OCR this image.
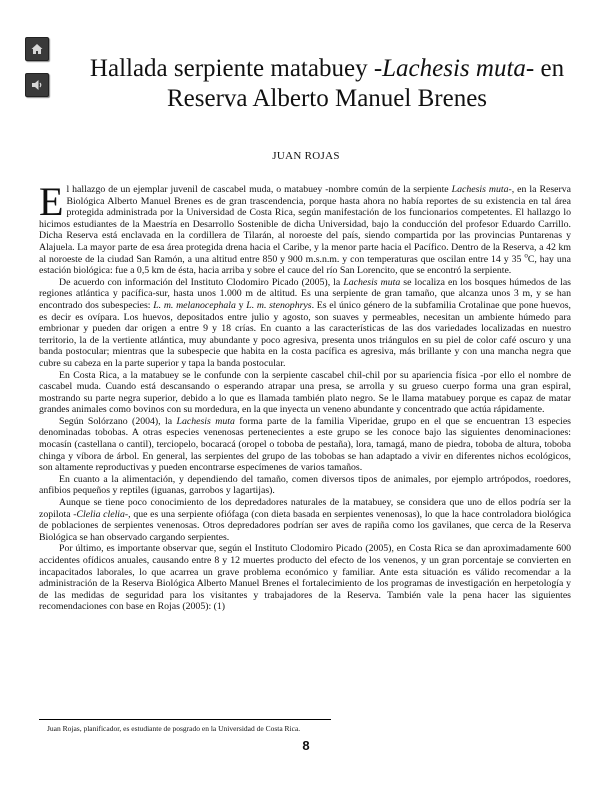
Hallada serpiente matabuey -Lachesis muta- en
Reserva Alberto Manuel Brenes

JUAN ROJAS

El hallazgo de un ejemplar juvenil de cascabel muda, o matabuey -nombre común de la serpiente Lachesis muta-, en la Reserva Biológica Alberto Manuel Brenes es de gran trascendencia, porque hasta ahora no había reportes de su existencia en tal área protegida administrada por la Universidad de Costa Rica, según manifestación de los funcionarios competentes. El hallazgo lo hicimos estudiantes de la Maestría en Desarrollo Sostenible de dicha Universidad, bajo la conducción del profesor Eduardo Carrillo. Dicha Reserva está enclavada en la cordillera de Tilarán, al noroeste del país, siendo compartida por las provincias Puntarenas y Alajuela. La mayor parte de esa área protegida drena hacia el Caribe, y la menor parte hacia el Pacífico. Dentro de la Reserva, a 42 km al noroeste de la ciudad San Ramón, a una altitud entre 850 y 900 m.s.n.m. y con temperaturas que oscilan entre 14 y 35 $^o$C, hay una estación biológica: fue a 0,5 km de ésta, hacia arriba y sobre el cauce del río San Lorencito, que se encontró la serpiente.

De acuerdo con información del Instituto Clodomiro Picado (2005), la Lachesis muta se localiza en los bosques húmedos de las regiones atlántica y pacífica-sur, hasta unos 1.000 m de altitud. Es una serpiente de gran tamaño, que alcanza unos 3 m, y se han encontrado dos subespecies: L. m. melanocephala y L. m. stenophrys. Es el único género de la subfamilia Crotalinae que pone huevos, es decir es ovípara. Los huevos, depositados entre julio y agosto, son suaves y permeables, necesitan un ambiente húmedo para embrionar y pueden dar origen a entre 9 y 18 crías. En cuanto a las características de las dos variedades localizadas en nuestro territorio, la de la vertiente atlántica, muy abundante y poco agresiva, presenta unos triángulos en su piel de color café oscuro y una banda postocular; mientras que la subespecie que habita en la costa pacífica es agresiva, más brillante y con una mancha negra que cubre su cabeza en la parte superior y tapa la banda postocular.

En Costa Rica, a la matabuey se le confunde con la serpiente cascabel chil-chil por su apariencia física -por ello el nombre de cascabel muda. Cuando está descansando o esperando atrapar una presa, se arrolla y su grueso cuerpo forma una gran espiral, mostrando su parte negra superior, debido a lo que es llamada también plato negro. Se le llama matabuey porque es capaz de matar grandes animales como bovinos con su mordedura, en la que inyecta un veneno abundante y concentrado que actúa rápidamente.

Según Solórzano (2004), la Lachesis muta forma parte de la familia Viperidae, grupo en el que se encuentran 13 especies denominadas tobobas. A otras especies venenosas pertenecientes a este grupo se les conoce bajo las siguientes denominaciones: mocasín (castellana o cantil), terciopelo, bocaracá (oropel o toboba de pestaña), lora, tamagá, mano de piedra, toboba de altura, toboba chinga y víbora de árbol. En general, las serpientes del grupo de las tobobas se han adaptado a vivir en diferentes nichos ecológicos, son altamente reproductivas y pueden encontrarse especímenes de varios tamaños.

En cuanto a la alimentación, y dependiendo del tamaño, comen diversos tipos de animales, por ejemplo artrópodos, roedores, anfibios pequeños y reptiles (iguanas, garrobos y lagartijas).

Aunque se tiene poco conocimiento de los depredadores naturales de la matabuey, se considera que uno de ellos podría ser la zopilota -Clelia clelia-, que es una serpiente ofiófaga (con dieta basada en serpientes venenosas), lo que la hace controladora biológica de poblaciones de serpientes venenosas. Otros depredadores podrían ser aves de rapiña como los gavilanes, que cerca de la Reserva Biológica se han observado cargando serpientes.

Por último, es importante observar que, según el Instituto Clodomiro Picado (2005), en Costa Rica se dan aproximadamente 600 accidentes ofídicos anuales, causando entre 8 y 12 muertes producto del efecto de los venenos, y un gran porcentaje se convierten en incapacitados laborales, lo que acarrea un grave problema económico y familiar. Ante esta situación es válido recomendar a la administración de la Reserva Biológica Alberto Manuel Brenes el fortalecimiento de los programas de investigación en herpetología y de las medidas de seguridad para los visitantes y trabajadores de la Reserva. También vale la pena hacer las siguientes recomendaciones con base en Rojas (2005): (1)

Juan Rojas, planificador, es estudiante de posgrado en la Universidad de Costa Rica.

8
